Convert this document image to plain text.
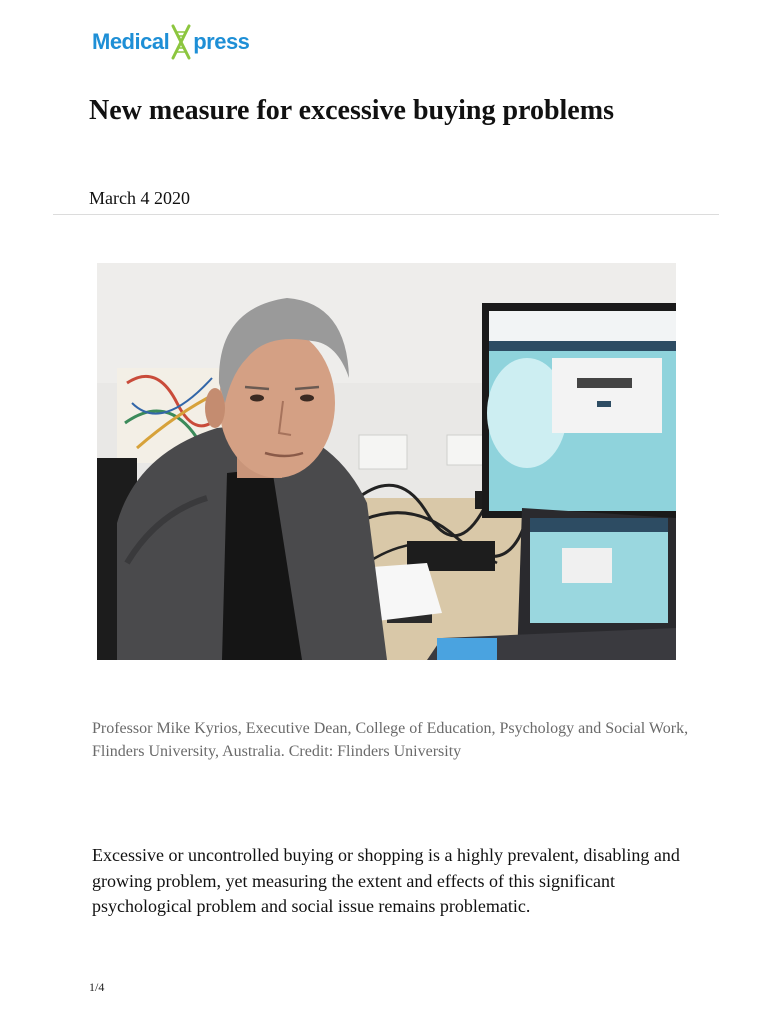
Medical press
New measure for excessive buying problems
March 4 2020
Professor Mike Kyrios, Executive Dean, College of Education, Psychology and Social Work, Flinders University, Australia. Credit: Flinders University

Excessive or uncontrolled buying or shopping is a highly prevalent, disabling and growing problem, yet measuring the extent and effects of this significant psychological problem and social issue remains problematic.

1/4
